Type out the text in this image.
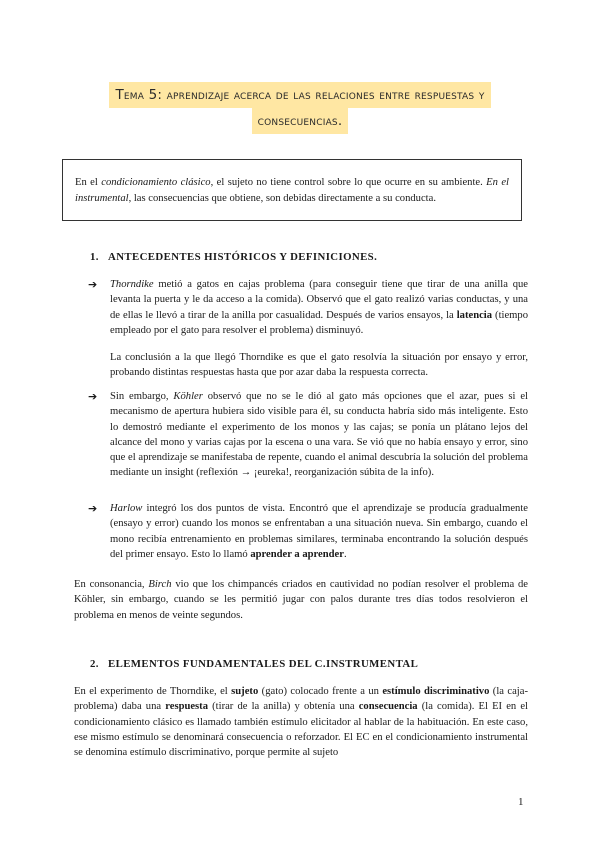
Tema 5: aprendizaje acerca de las relaciones entre respuestas y
consecuencias.
En el condicionamiento clásico, el sujeto no tiene control sobre lo que ocurre en su ambiente. En el instrumental, las consecuencias que obtiene, son debidas directamente a su conducta.
1. ANTECEDENTES HISTÓRICOS Y DEFINICIONES.
➔ Thorndike metió a gatos en cajas problema (para conseguir tiene que tirar de una anilla que levanta la puerta y le da acceso a la comida). Observó que el gato realizó varias conductas, y una de ellas le llevó a tirar de la anilla por casualidad. Después de varios ensayos, la latencia (tiempo empleado por el gato para resolver el problema) disminuyó.
La conclusión a la que llegó Thorndike es que el gato resolvía la situación por ensayo y error, probando distintas respuestas hasta que por azar daba la respuesta correcta.
➔ Sin embargo, Köhler observó que no se le dió al gato más opciones que el azar, pues si el mecanismo de apertura hubiera sido visible para él, su conducta habría sido más inteligente. Esto lo demostró mediante el experimento de los monos y las cajas; se ponía un plátano lejos del alcance del mono y varias cajas por la escena o una vara. Se vió que no había ensayo y error, sino que el aprendizaje se manifestaba de repente, cuando el animal descubría la solución del problema mediante un insight (reflexión → ¡eureka!, reorganización súbita de la info).
➔ Harlow integró los dos puntos de vista. Encontró que el aprendizaje se producía gradualmente (ensayo y error) cuando los monos se enfrentaban a una situación nueva. Sin embargo, cuando el mono recibía entrenamiento en problemas similares, terminaba encontrando la solución después del primer ensayo. Esto lo llamó aprender a aprender.
En consonancia, Birch vio que los chimpancés criados en cautividad no podían resolver el problema de Köhler, sin embargo, cuando se les permitió jugar con palos durante tres días todos resolvieron el problema en menos de veinte segundos.
2. ELEMENTOS FUNDAMENTALES DEL C.INSTRUMENTAL
En el experimento de Thorndike, el sujeto (gato) colocado frente a un estímulo discriminativo (la caja-problema) daba una respuesta (tirar de la anilla) y obtenía una consecuencia (la comida). El EI en el condicionamiento clásico es llamado también estímulo elicitador al hablar de la habituación. En este caso, ese mismo estímulo se denominará consecuencia o reforzador. El EC en el condicionamiento instrumental se denomina estímulo discriminativo, porque permite al sujeto
1
